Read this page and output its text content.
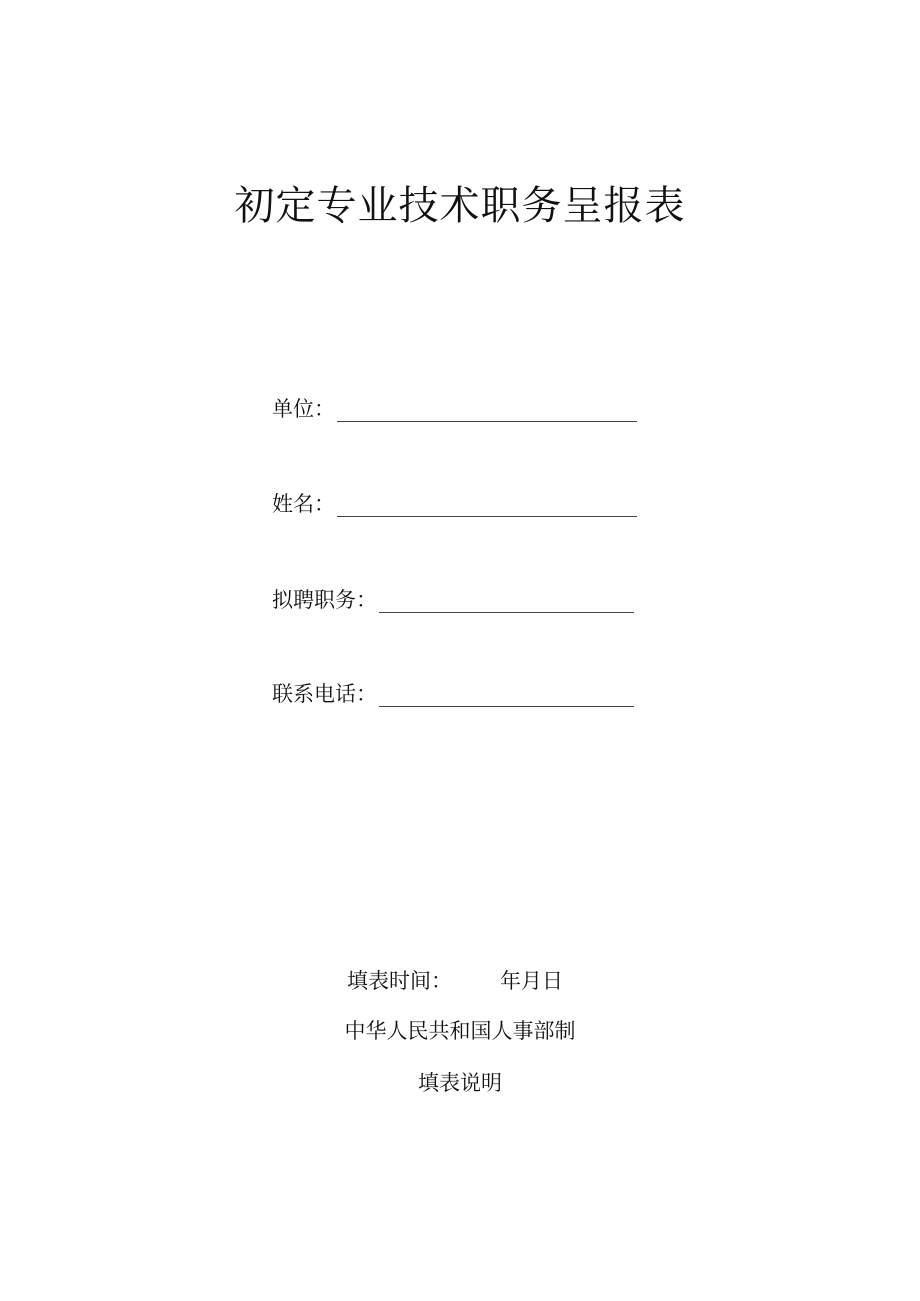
初定专业技术职务呈报表
单位：
姓名：
拟聘职务：
联系电话：
填表时间： 年月日
中华人民共和国人事部制
填表说明
